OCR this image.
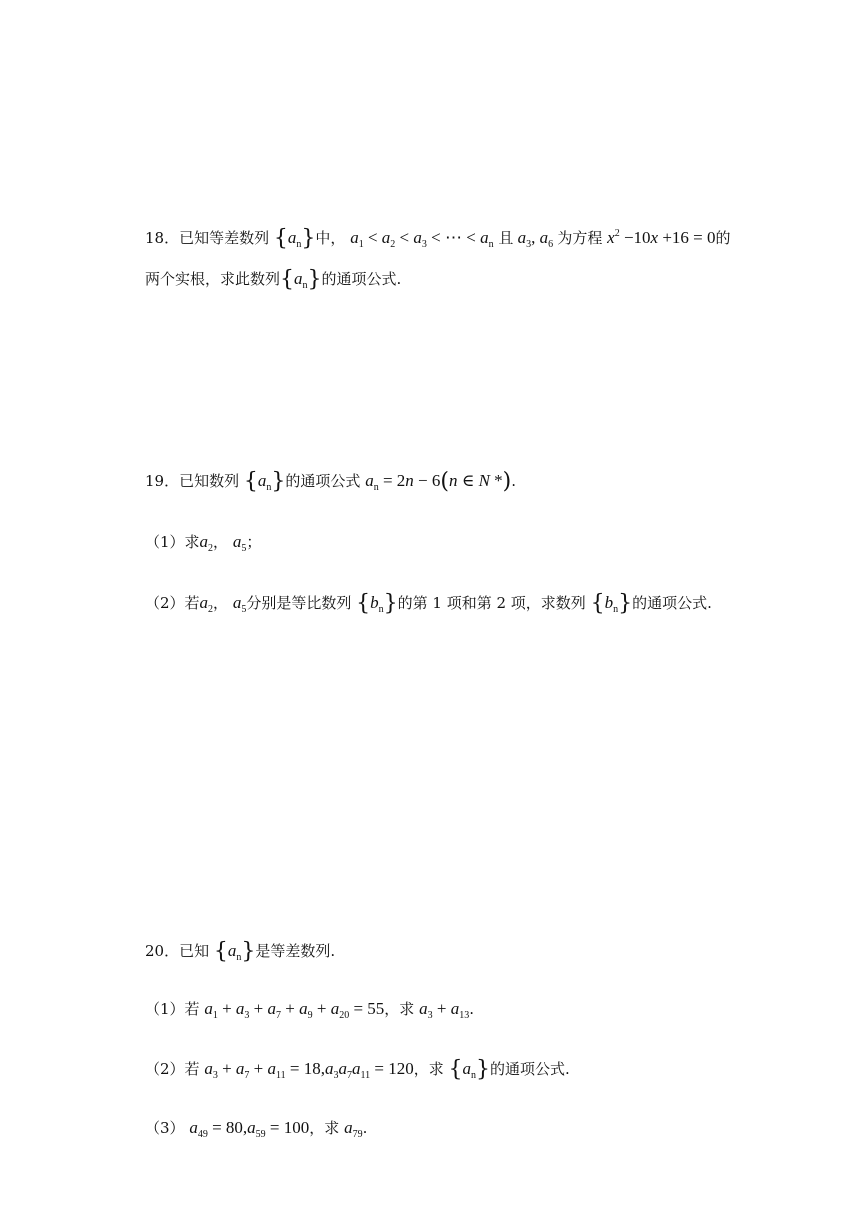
18．已知等差数列 $\{a_n\}$中， $a_1 < a_2 < a_3$ < ⋯ < $a_n$ 且 $a_3$, $a_6$ 为方程 $x^2 -10x +16 = 0$的
两个实根，求此数列$\{a_n\}$的通项公式.
19．已知数列 $\{a_n\}$的通项公式 $a_n = 2n - 6(n$ ∈ N *).
（1）求$a_2$， $a_5$；
（2）若$a_2$， $a_5$分别是等比数列 $\{b_n\}$的第 1 项和第 2 项，求数列 $\{b_n\}$的通项公式.
20．已知 $\{a_n\}$是等差数列.
（1）若 $a_1 + a_3 + a_7 + a_9 + a_{20} = 55$，求 $a_3 + a_{13}$.
（2）若 $a_3 + a_7 + a_{11} = 18,a_3a_7a_{11} = 120$，求 $\{a_n\}$的通项公式.
（3） $a_{49} = 80,a_{59} = 100$，求 $a_{79}$.
